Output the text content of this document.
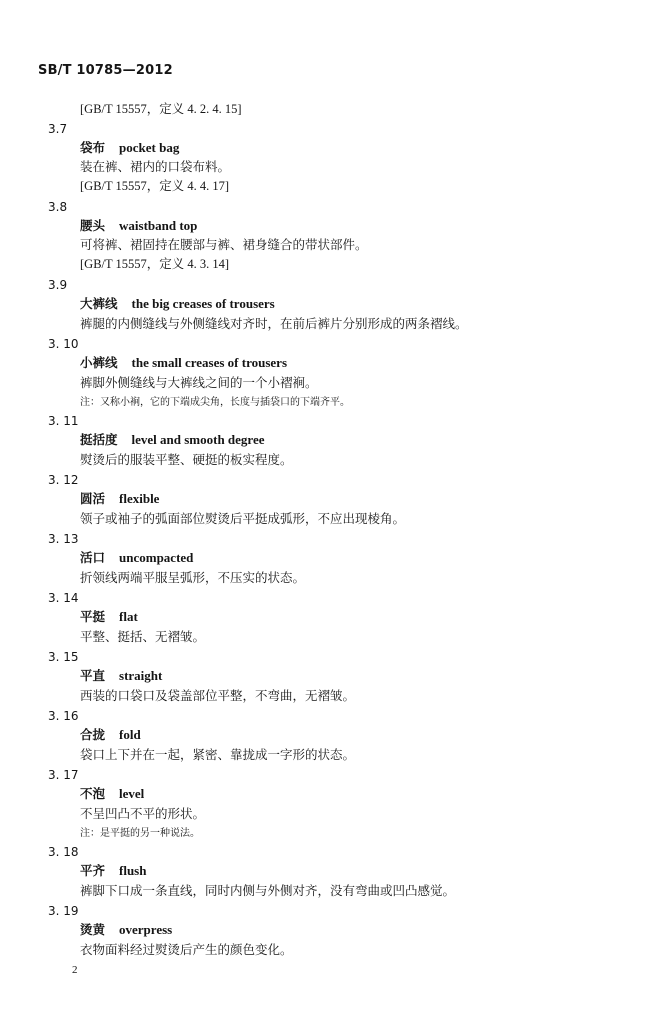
SB/T 10785—2012
[GB/T 15557，定义 4. 2. 4. 15]
3.7
袋布 pocket bag
装在裤、裙内的口袋布料。
[GB/T 15557，定义 4. 4. 17]
3.8
腰头 waistband top
可将裤、裙固持在腰部与裤、裙身缝合的带状部件。
[GB/T 15557，定义 4. 3. 14]
3.9
大裤线 the big creases of trousers
裤腿的内侧缝线与外侧缝线对齐时，在前后裤片分别形成的两条褶线。
3. 10
小裤线 the small creases of trousers
裤脚外侧缝线与大裤线之间的一个小褶裥。
注：又称小裥，它的下端成尖角，长度与插袋口的下端齐平。
3. 11
挺括度 level and smooth degree
熨烫后的服装平整、硬挺的板实程度。
3. 12
圆活 flexible
领子或袖子的弧面部位熨烫后平挺成弧形，不应出现棱角。
3. 13
活口 uncompacted
折领线两端平服呈弧形，不压实的状态。
3. 14
平挺 flat
平整、挺括、无褶皱。
3. 15
平直 straight
西装的口袋口及袋盖部位平整，不弯曲，无褶皱。
3. 16
合拢 fold
袋口上下并在一起，紧密、靠拢成一字形的状态。
3. 17
不泡 level
不呈凹凸不平的形状。
注：是平挺的另一种说法。
3. 18
平齐 flush
裤脚下口成一条直线，同时内侧与外侧对齐，没有弯曲或凹凸感觉。
3. 19
烫黄 overpress
衣物面料经过熨烫后产生的颜色变化。
2
